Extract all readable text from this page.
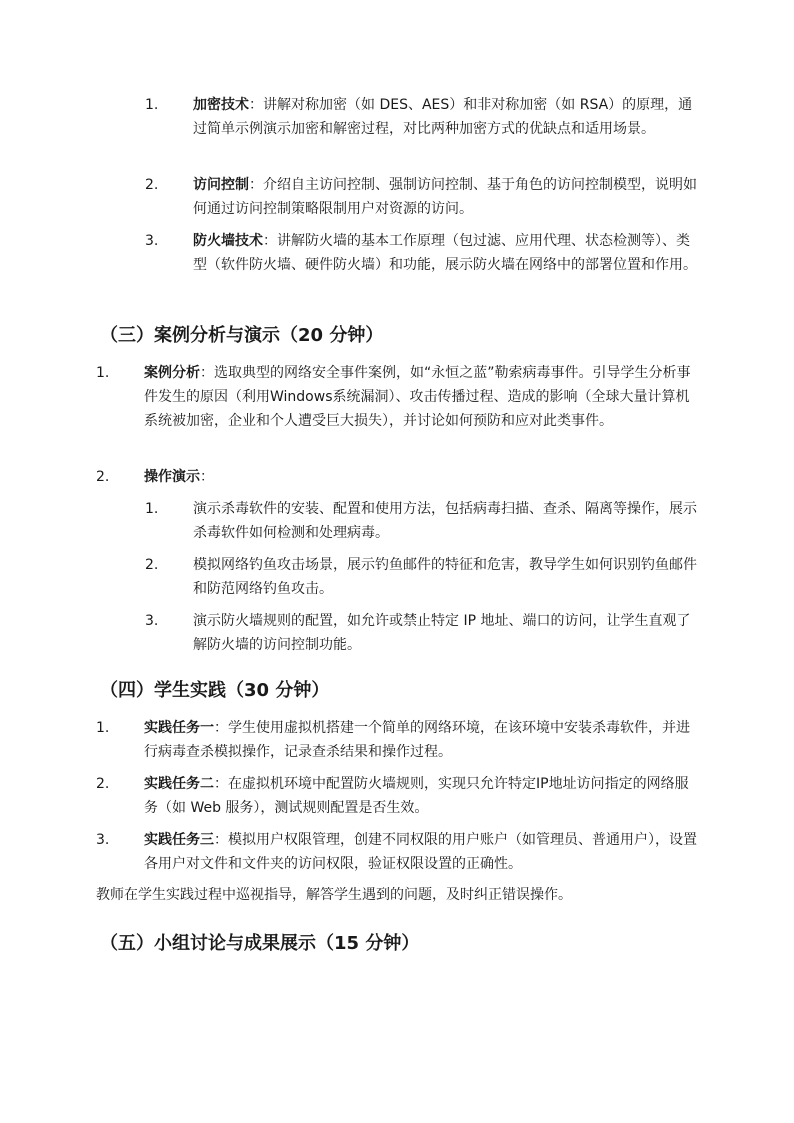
1. 加密技术：讲解对称加密（如 DES、AES）和非对称加密（如 RSA）的原理，通过简单示例演示加密和解密过程，对比两种加密方式的优缺点和适用场景。
2. 访问控制：介绍自主访问控制、强制访问控制、基于角色的访问控制模型，说明如何通过访问控制策略限制用户对资源的访问。
3. 防火墙技术：讲解防火墙的基本工作原理（包过滤、应用代理、状态检测等）、类型（软件防火墙、硬件防火墙）和功能，展示防火墙在网络中的部署位置和作用。
（三）案例分析与演示（20 分钟）
1. 案例分析：选取典型的网络安全事件案例，如“永恒之蓝”勒索病毒事件。引导学生分析事件发生的原因（利用Windows系统漏洞）、攻击传播过程、造成的影响（全球大量计算机系统被加密，企业和个人遭受巨大损失），并讨论如何预防和应对此类事件。
2. 操作演示：
1. 演示杀毒软件的安装、配置和使用方法，包括病毒扫描、查杀、隔离等操作，展示杀毒软件如何检测和处理病毒。
2. 模拟网络钓鱼攻击场景，展示钓鱼邮件的特征和危害，教导学生如何识别钓鱼邮件和防范网络钓鱼攻击。
3. 演示防火墙规则的配置，如允许或禁止特定 IP 地址、端口的访问，让学生直观了解防火墙的访问控制功能。
（四）学生实践（30 分钟）
1. 实践任务一：学生使用虚拟机搭建一个简单的网络环境，在该环境中安装杀毒软件，并进行病毒查杀模拟操作，记录查杀结果和操作过程。
2. 实践任务二：在虚拟机环境中配置防火墙规则，实现只允许特定IP地址访问指定的网络服务（如 Web 服务），测试规则配置是否生效。
3. 实践任务三：模拟用户权限管理，创建不同权限的用户账户（如管理员、普通用户），设置各用户对文件和文件夹的访问权限，验证权限设置的正确性。
教师在学生实践过程中巡视指导，解答学生遇到的问题，及时纠正错误操作。
（五）小组讨论与成果展示（15 分钟）
